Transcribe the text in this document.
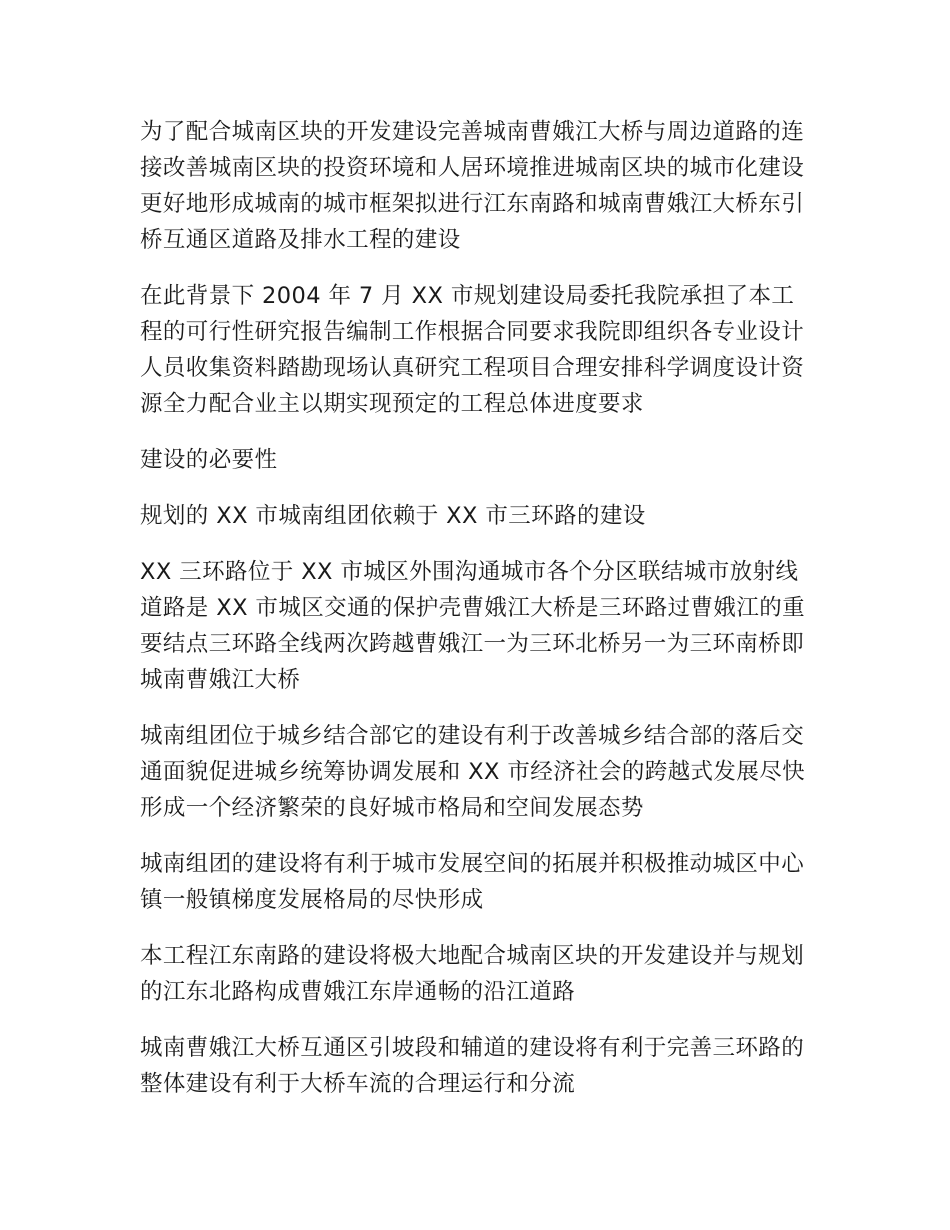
为了配合城南区块的开发建设完善城南曹娥江大桥与周边道路的连接改善城南区块的投资环境和人居环境推进城南区块的城市化建设更好地形成城南的城市框架拟进行江东南路和城南曹娥江大桥东引桥互通区道路及排水工程的建设

在此背景下 2004 年 7 月 XX 市规划建设局委托我院承担了本工程的可行性研究报告编制工作根据合同要求我院即组织各专业设计人员收集资料踏勘现场认真研究工程项目合理安排科学调度设计资源全力配合业主以期实现预定的工程总体进度要求

建设的必要性

规划的 XX 市城南组团依赖于 XX 市三环路的建设

XX 三环路位于 XX 市城区外围沟通城市各个分区联结城市放射线道路是 XX 市城区交通的保护壳曹娥江大桥是三环路过曹娥江的重要结点三环路全线两次跨越曹娥江一为三环北桥另一为三环南桥即城南曹娥江大桥

城南组团位于城乡结合部它的建设有利于改善城乡结合部的落后交通面貌促进城乡统筹协调发展和 XX 市经济社会的跨越式发展尽快形成一个经济繁荣的良好城市格局和空间发展态势

城南组团的建设将有利于城市发展空间的拓展并积极推动城区中心镇一般镇梯度发展格局的尽快形成

本工程江东南路的建设将极大地配合城南区块的开发建设并与规划的江东北路构成曹娥江东岸通畅的沿江道路

城南曹娥江大桥互通区引坡段和辅道的建设将有利于完善三环路的整体建设有利于大桥车流的合理运行和分流
